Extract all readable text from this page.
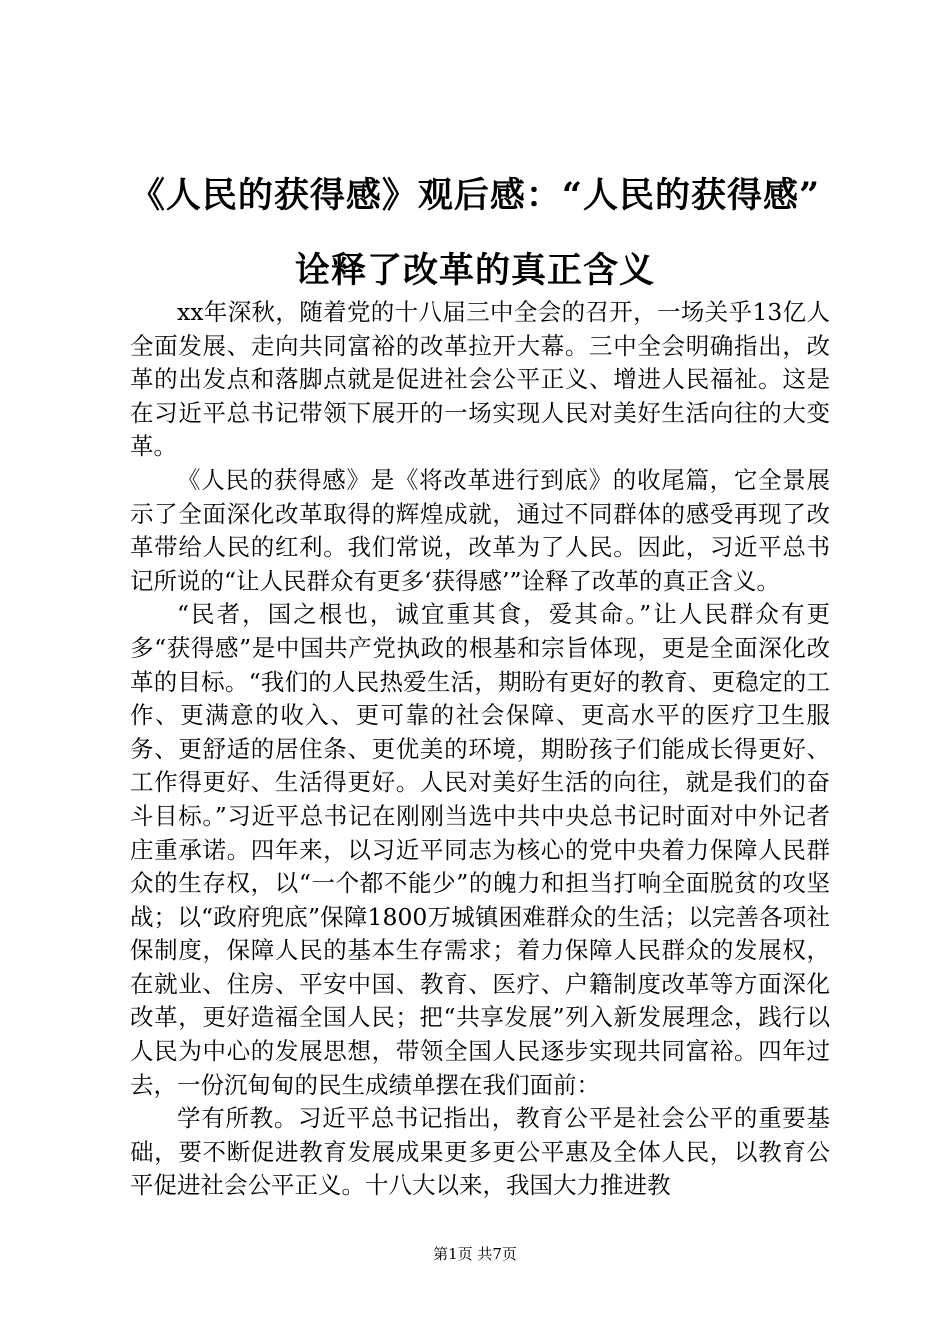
《人民的获得感》观后感：“人民的获得感”
诠释了改革的真正含义

xx年深秋，随着党的十八届三中全会的召开，一场关乎13亿人全面发展、走向共同富裕的改革拉开大幕。三中全会明确指出，改革的出发点和落脚点就是促进社会公平正义、增进人民福祉。这是在习近平总书记带领下展开的一场实现人民对美好生活向往的大变革。

《人民的获得感》是《将改革进行到底》的收尾篇，它全景展示了全面深化改革取得的辉煌成就，通过不同群体的感受再现了改革带给人民的红利。我们常说，改革为了人民。因此，习近平总书记所说的“让人民群众有更多‘获得感’”诠释了改革的真正含义。

“民者，国之根也，诚宜重其食，爱其命。”让人民群众有更多“获得感”是中国共产党执政的根基和宗旨体现，更是全面深化改革的目标。“我们的人民热爱生活，期盼有更好的教育、更稳定的工作、更满意的收入、更可靠的社会保障、更高水平的医疗卫生服务、更舒适的居住条、更优美的环境，期盼孩子们能成长得更好、工作得更好、生活得更好。人民对美好生活的向往，就是我们的奋斗目标。”习近平总书记在刚刚当选中共中央总书记时面对中外记者庄重承诺。四年来，以习近平同志为核心的党中央着力保障人民群众的生存权，以“一个都不能少”的魄力和担当打响全面脱贫的攻坚战；以“政府兜底”保障1800万城镇困难群众的生活；以完善各项社保制度，保障人民的基本生存需求；着力保障人民群众的发展权，在就业、住房、平安中国、教育、医疗、户籍制度改革等方面深化改革，更好造福全国人民；把“共享发展”列入新发展理念，践行以人民为中心的发展思想，带领全国人民逐步实现共同富裕。四年过去，一份沉甸甸的民生成绩单摆在我们面前：

学有所教。习近平总书记指出，教育公平是社会公平的重要基础，要不断促进教育发展成果更多更公平惠及全体人民，以教育公平促进社会公平正义。十八大以来，我国大力推进教

第1页 共7页
